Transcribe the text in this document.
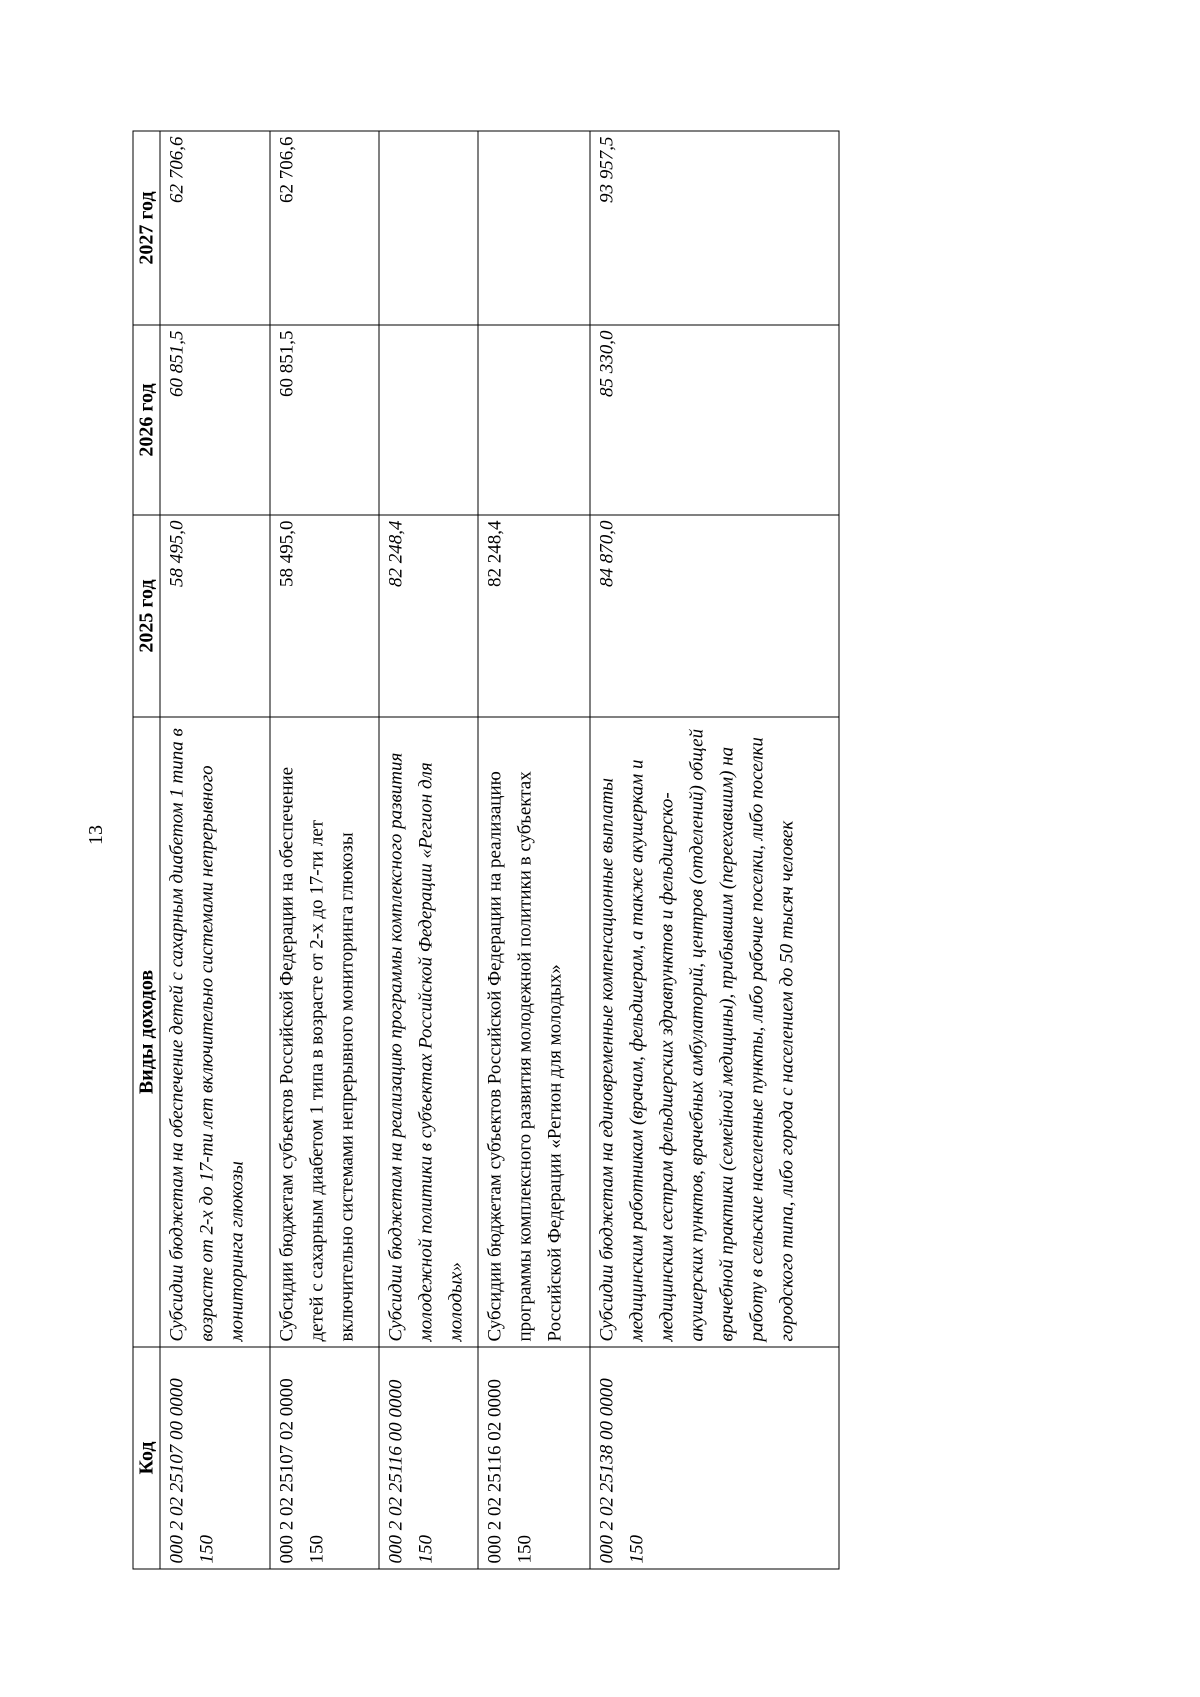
13
Код	Виды доходов	2025 год	2026 год	2027 год
000 2 02 25107 00 0000 150	Субсидии бюджетам на обеспечение детей с сахарным диабетом 1 типа в возрасте от 2-х до 17-ти лет включительно системами непрерывного мониторинга глюкозы	58 495,0	60 851,5	62 706,6
000 2 02 25107 02 0000 150	Субсидии бюджетам субъектов Российской Федерации на обеспечение детей с сахарным диабетом 1 типа в возрасте от 2-х до 17-ти лет включительно системами непрерывного мониторинга глюкозы	58 495,0	60 851,5	62 706,6
000 2 02 25116 00 0000 150	Субсидии бюджетам на реализацию программы комплексного развития молодежной политики в субъектах Российской Федерации «Регион для молодых»	82 248,4		
000 2 02 25116 02 0000 150	Субсидии бюджетам субъектов Российской Федерации на реализацию программы комплексного развития молодежной политики в субъектах Российской Федерации «Регион для молодых»	82 248,4		
000 2 02 25138 00 0000 150	Субсидии бюджетам на единовременные компенсационные выплаты медицинским работникам (врачам, фельдшерам, а также акушеркам и медицинским сестрам фельдшерских здравпунктов и фельдшерско-акушерских пунктов, врачебных амбулаторий, центров (отделений) общей врачебной практики (семейной медицины), прибывшим (переехавшим) на работу в сельские населенные пункты, либо рабочие поселки, либо поселки городского типа, либо города с населением до 50 тысяч человек	84 870,0	85 330,0	93 957,5
